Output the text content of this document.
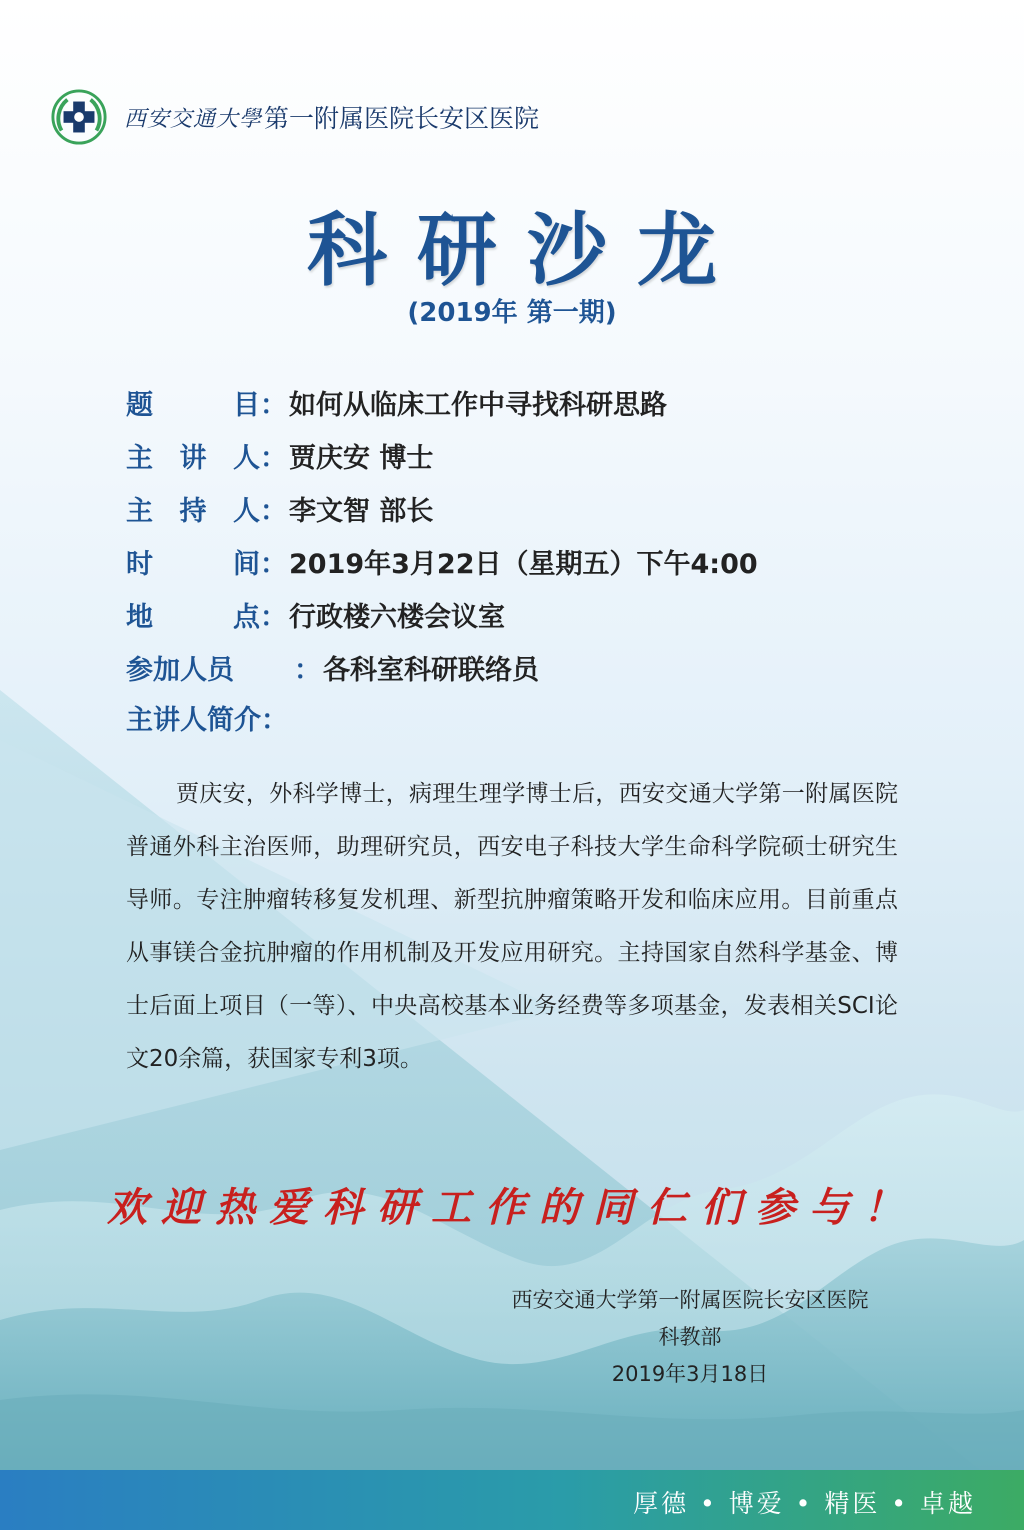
西安交通大學 第一附属医院长安区医院
科研沙龙
(2019年 第一期)
题　目 ： 如何从临床工作中寻找科研思路
主讲人 ： 贾庆安 博士
主持人 ： 李文智 部长
时　间 ： 2019年3月22日（星期五）下午4:00
地　点 ： 行政楼六楼会议室
参加人员	： 各科室科研联络员
主讲人简介：
贾庆安，外科学博士，病理生理学博士后，西安交通大学第一附属医院普通外科主治医师，助理研究员，西安电子科技大学生命科学院硕士研究生导师。专注肿瘤转移复发机理、新型抗肿瘤策略开发和临床应用。目前重点从事镁合金抗肿瘤的作用机制及开发应用研究。主持国家自然科学基金、博士后面上项目（一等）、中央高校基本业务经费等多项基金，发表相关SCI论文20余篇，获国家专利3项。
欢迎热爱科研工作的同仁们参与！
西安交通大学第一附属医院长安区医院
科教部
2019年3月18日
厚德 • 博爱 • 精医 • 卓越
